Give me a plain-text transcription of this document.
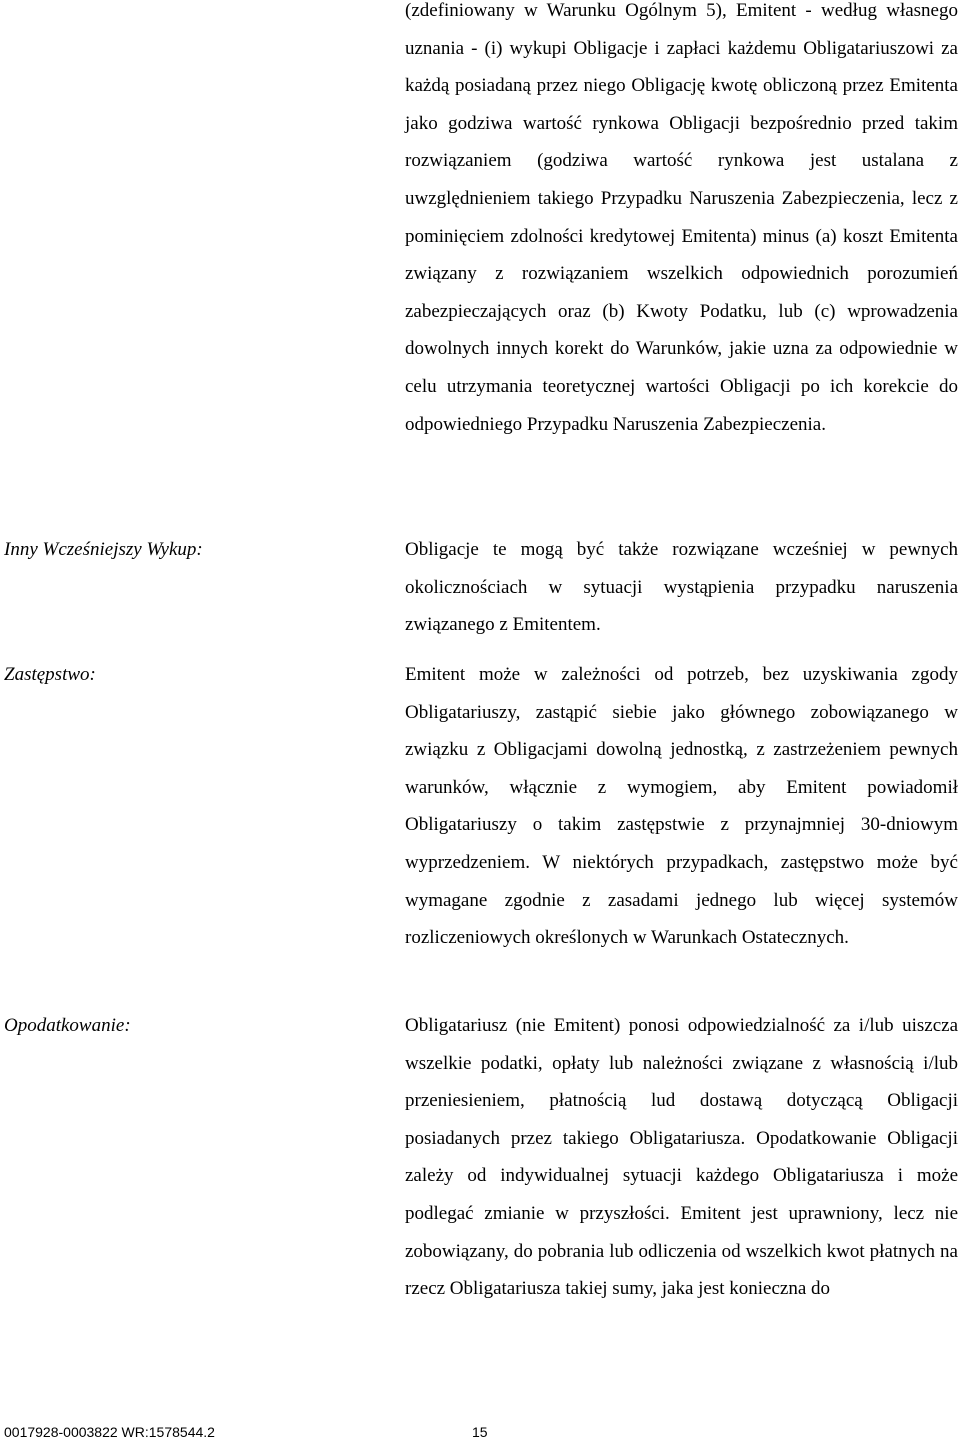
(zdefiniowany w Warunku Ogólnym 5), Emitent - według własnego uznania - (i) wykupi Obligacje i zapłaci każdemu Obligatariuszowi za każdą posiadaną przez niego Obligację kwotę obliczoną przez Emitenta jako godziwa wartość rynkowa Obligacji bezpośrednio przed takim rozwiązaniem (godziwa wartość rynkowa jest ustalana z uwzględnieniem takiego Przypadku Naruszenia Zabezpieczenia, lecz z pominięciem zdolności kredytowej Emitenta) minus (a) koszt Emitenta związany z rozwiązaniem wszelkich odpowiednich porozumień zabezpieczających oraz (b) Kwoty Podatku, lub (c) wprowadzenia dowolnych innych korekt do Warunków, jakie uzna za odpowiednie w celu utrzymania teoretycznej wartości Obligacji po ich korekcie do odpowiedniego Przypadku Naruszenia Zabezpieczenia.

Inny Wcześniejszy Wykup:	Obligacje te mogą być także rozwiązane wcześniej w pewnych okolicznościach w sytuacji wystąpienia przypadku naruszenia związanego z Emitentem.

Zastępstwo:	Emitent może w zależności od potrzeb, bez uzyskiwania zgody Obligatariuszy, zastąpić siebie jako głównego zobowiązanego w związku z Obligacjami dowolną jednostką, z zastrzeżeniem pewnych warunków, włącznie z wymogiem, aby Emitent powiadomił Obligatariuszy o takim zastępstwie z przynajmniej 30-dniowym wyprzedzeniem. W niektórych przypadkach, zastępstwo może być wymagane zgodnie z zasadami jednego lub więcej systemów rozliczeniowych określonych w Warunkach Ostatecznych.

Opodatkowanie:	Obligatariusz (nie Emitent) ponosi odpowiedzialność za i/lub uiszcza wszelkie podatki, opłaty lub należności związane z własnością i/lub przeniesieniem, płatnością lud dostawą dotyczącą Obligacji posiadanych przez takiego Obligatariusza. Opodatkowanie Obligacji zależy od indywidualnej sytuacji każdego Obligatariusza i może podlegać zmianie w przyszłości. Emitent jest uprawniony, lecz nie zobowiązany, do pobrania lub odliczenia od wszelkich kwot płatnych na rzecz Obligatariusza takiej sumy, jaka jest konieczna do

0017928-0003822 WR:1578544.2	15
